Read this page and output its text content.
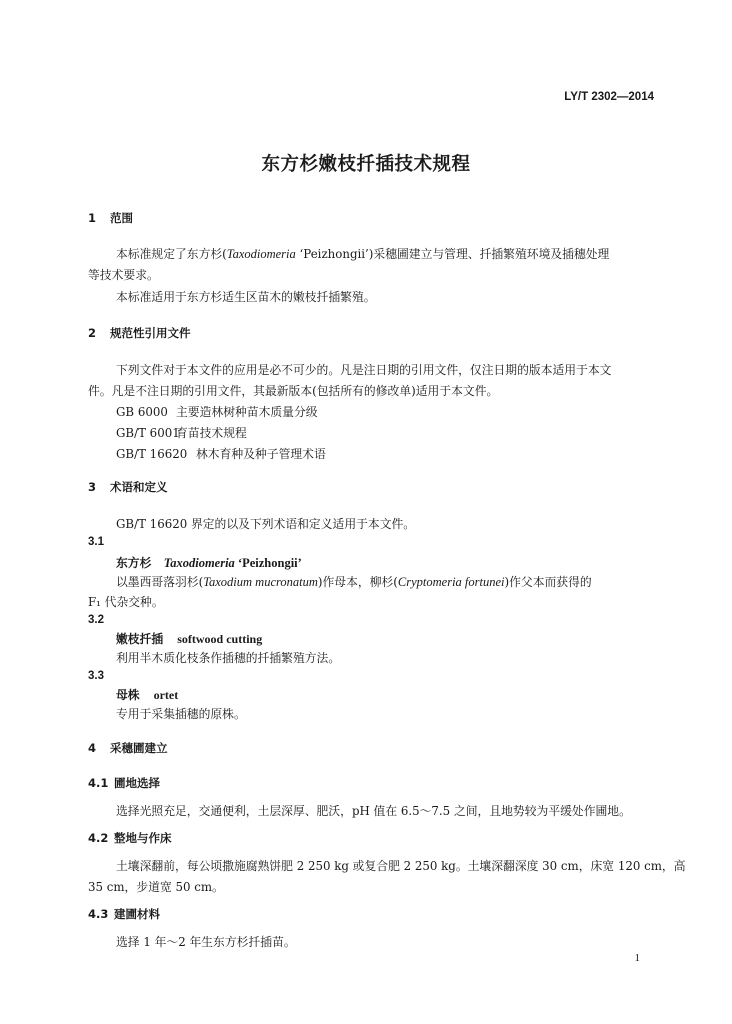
LY/T 2302—2014
东方杉嫩枝扦插技术规程
1 范围
本标准规定了东方杉(Taxodiomeria ‘Peizhongii’)采穗圃建立与管理、扦插繁殖环境及插穗处理
等技术要求。
本标准适用于东方杉适生区苗木的嫩枝扦插繁殖。
2 规范性引用文件
下列文件对于本文件的应用是必不可少的。凡是注日期的引用文件，仅注日期的版本适用于本文
件。凡是不注日期的引用文件，其最新版本(包括所有的修改单)适用于本文件。
GB 6000 主要造林树种苗木质量分级
GB/T 6001育苗技术规程
GB/T 16620 林木育种及种子管理术语
3 术语和定义
GB/T 16620 界定的以及下列术语和定义适用于本文件。
3.1
东方杉 Taxodiomeria ‘Peizhongii’
以墨西哥落羽杉(Taxodium mucronatum)作母本，柳杉(Cryptomeria fortunei)作父本而获得的
F₁ 代杂交种。
3.2
嫩枝扦插 softwood cutting
利用半木质化枝条作插穗的扦插繁殖方法。
3.3
母株 ortet
专用于采集插穗的原株。
4 采穗圃建立
4.1 圃地选择
选择光照充足，交通便利，土层深厚、肥沃，pH 值在 6.5～7.5 之间，且地势较为平缓处作圃地。
4.2 整地与作床
土壤深翻前，每公顷撒施腐熟饼肥 2 250 kg 或复合肥 2 250 kg。土壤深翻深度 30 cm，床宽 120 cm，高
35 cm，步道宽 50 cm。
4.3 建圃材料
选择 1 年～2 年生东方杉扦插苗。
1
